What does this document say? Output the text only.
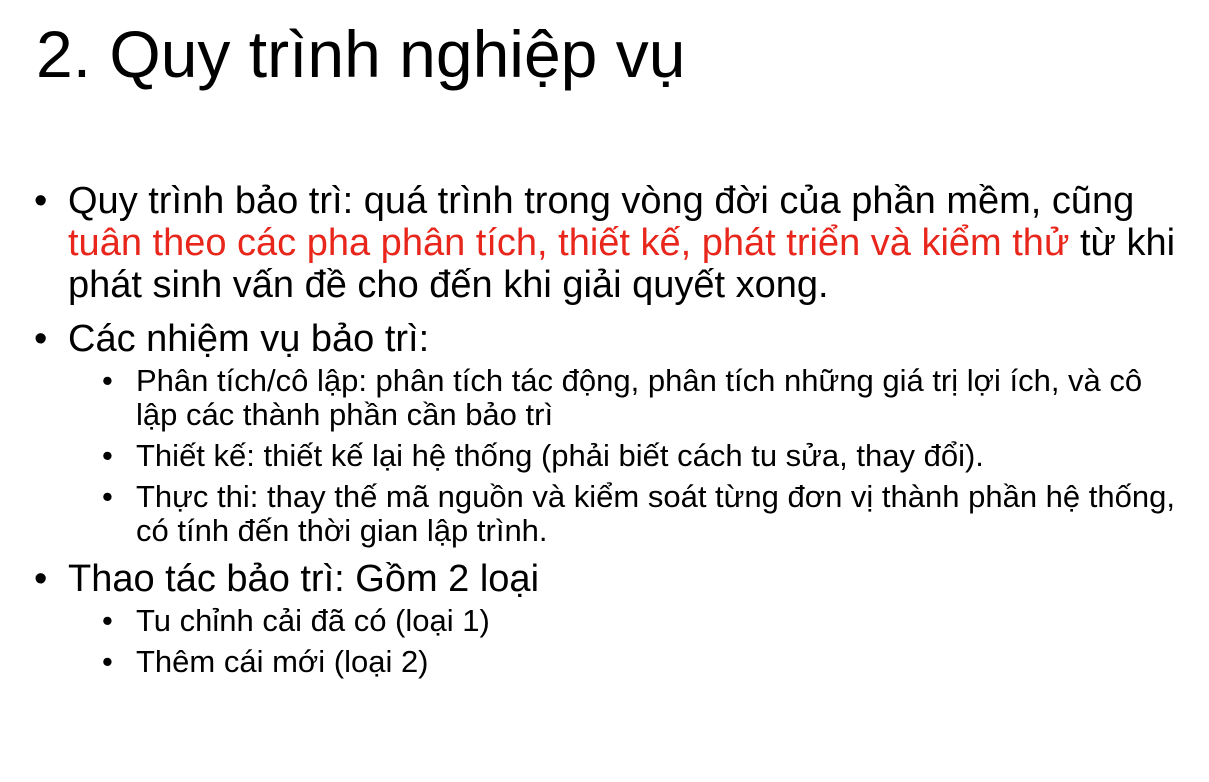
2. Quy trình nghiệp vụ
• Quy trình bảo trì: quá trình trong vòng đời của phần mềm, cũng tuân theo các pha phân tích, thiết kế, phát triển và kiểm thử từ khi phát sinh vấn đề cho đến khi giải quyết xong.
• Các nhiệm vụ bảo trì:
• Phân tích/cô lập: phân tích tác động, phân tích những giá trị lợi ích, và cô lập các thành phần cần bảo trì
• Thiết kế: thiết kế lại hệ thống (phải biết cách tu sửa, thay đổi).
• Thực thi: thay thế mã nguồn và kiểm soát từng đơn vị thành phần hệ thống, có tính đến thời gian lập trình.
• Thao tác bảo trì: Gồm 2 loại
• Tu chỉnh cải đã có (loại 1)
• Thêm cái mới (loại 2)
